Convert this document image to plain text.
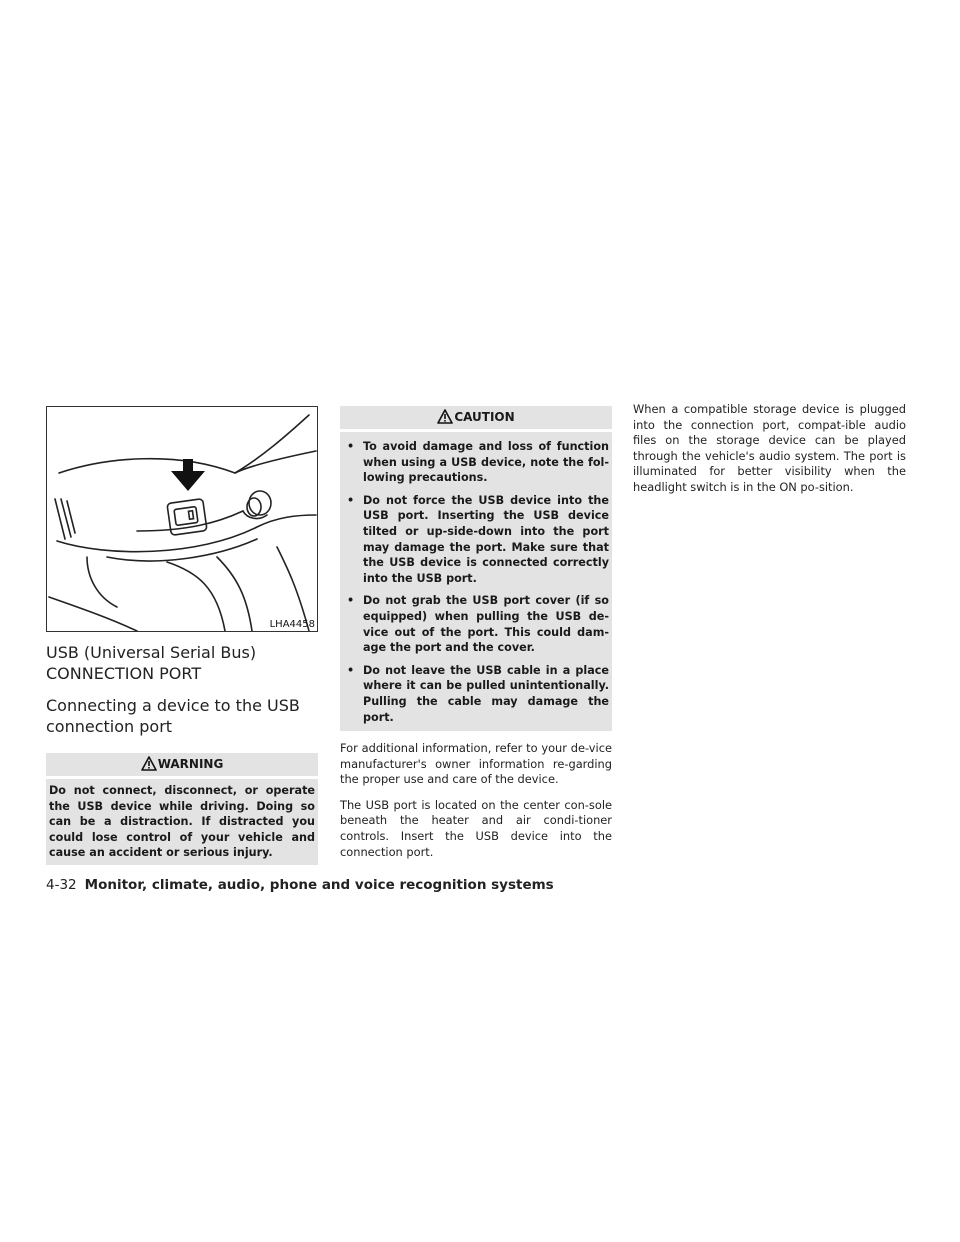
LHA4458
USB (Universal Serial Bus) CONNECTION PORT
Connecting a device to the USB connection port
WARNING
Do not connect, disconnect, or operate the USB device while driving. Doing so can be a distraction. If distracted you could lose control of your vehicle and cause an accident or serious injury.
CAUTION
• To avoid damage and loss of function when using a USB device, note the fol-lowing precautions.
• Do not force the USB device into the USB port. Inserting the USB device tilted or up-side-down into the port may damage the port. Make sure that the USB device is connected correctly into the USB port.
• Do not grab the USB port cover (if so equipped) when pulling the USB de-vice out of the port. This could dam-age the port and the cover.
• Do not leave the USB cable in a place where it can be pulled unintentionally. Pulling the cable may damage the port.

For additional information, refer to your de-vice manufacturer's owner information re-garding the proper use and care of the device.

The USB port is located on the center con-sole beneath the heater and air condi-tioner controls. Insert the USB device into the connection port.

When a compatible storage device is plugged into the connection port, compat-ible audio files on the storage device can be played through the vehicle's audio system. The port is illuminated for better visibility when the headlight switch is in the ON po-sition.

4-32 Monitor, climate, audio, phone and voice recognition systems
